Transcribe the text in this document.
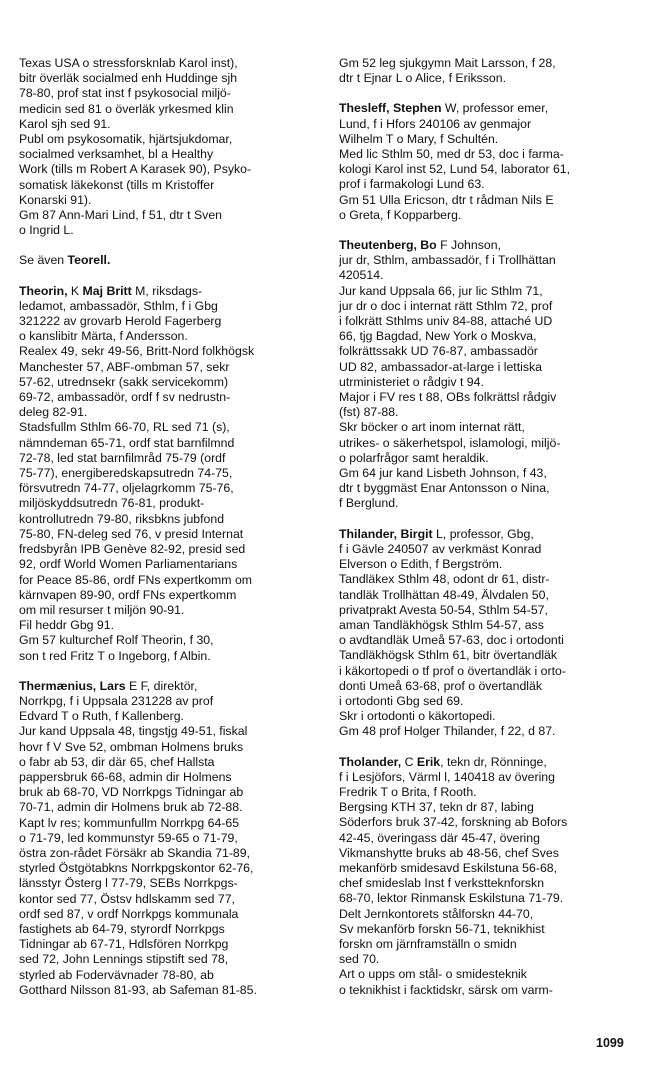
Texas USA o stressforsknlab Karol inst),
bitr överläk socialmed enh Huddinge sjh
78-80, prof stat inst f psykosocial miljö-
medicin sed 81 o överläk yrkesmed klin
Karol sjh sed 91.
Publ om psykosomatik, hjärtsjukdomar,
socialmed verksamhet, bl a Healthy
Work (tills m Robert A Karasek 90), Psyko-
somatisk läkekonst (tills m Kristoffer
Konarski 91).
Gm 87 Ann-Mari Lind, f 51, dtr t Sven
o Ingrid L.
Se även Teorell.
Theorin, K Maj Britt M, riksdags-
ledamot, ambassadör, Sthlm, f i Gbg
321222 av grovarb Herold Fagerberg
o kanslibitr Märta, f Andersson.
Realex 49, sekr 49-56, Britt-Nord folkhögsk
Manchester 57, ABF-ombman 57, sekr
57-62, utrednsekr (sakk servicekomm)
69-72, ambassadör, ordf f sv nedrustn-
deleg 82-91.
Stadsfullm Sthlm 66-70, RL sed 71 (s),
nämndeman 65-71, ordf stat barnfilmnd
72-78, led stat barnfilmråd 75-79 (ordf
75-77), energiberedskapsutredn 74-75,
försvutredn 74-77, oljelagrkomm 75-76,
miljöskyddsutredn 76-81, produkt-
kontrollutredn 79-80, riksbkns jubfond
75-80, FN-deleg sed 76, v presid Internat
fredsbyrån IPB Genève 82-92, presid sed
92, ordf World Women Parliamentarians
for Peace 85-86, ordf FNs expertkomm om
kärnvapen 89-90, ordf FNs expertkomm
om mil resurser t miljön 90-91.
Fil heddr Gbg 91.
Gm 57 kulturchef Rolf Theorin, f 30,
son t red Fritz T o Ingeborg, f Albin.
Thermænius, Lars E F, direktör,
Norrkpg, f i Uppsala 231228 av prof
Edvard T o Ruth, f Kallenberg.
Jur kand Uppsala 48, tingstjg 49-51, fiskal
hovr f V Sve 52, ombman Holmens bruks
o fabr ab 53, dir där 65, chef Hallsta
pappersbruk 66-68, admin dir Holmens
bruk ab 68-70, VD Norrkpgs Tidningar ab
70-71, admin dir Holmens bruk ab 72-88.
Kapt lv res; kommunfullm Norrkpg 64-65
o 71-79, led kommunstyr 59-65 o 71-79,
östra zon-rådet Försäkr ab Skandia 71-89,
styrled Östgötabkns Norrkpgskontor 62-76,
länsstyr Österg l 77-79, SEBs Norrkpgs-
kontor sed 77, Östsv hdlskamm sed 77,
ordf sed 87, v ordf Norrkpgs kommunala
fastighets ab 64-79, styrordf Norrkpgs
Tidningar ab 67-71, Hdlsfören Norrkpg
sed 72, John Lennings stipstift sed 78,
styrled ab Fodervävnader 78-80, ab
Gotthard Nilsson 81-93, ab Safeman 81-85.
Gm 52 leg sjukgymn Mait Larsson, f 28,
dtr t Ejnar L o Alice, f Eriksson.
Thesleff, Stephen W, professor emer,
Lund, f i Hfors 240106 av genmajor
Wilhelm T o Mary, f Schultén.
Med lic Sthlm 50, med dr 53, doc i farma-
kologi Karol inst 52, Lund 54, laborator 61,
prof i farmakologi Lund 63.
Gm 51 Ulla Ericson, dtr t rådman Nils E
o Greta, f Kopparberg.
Theutenberg, Bo F Johnson,
jur dr, Sthlm, ambassadör, f i Trollhättan
420514.
Jur kand Uppsala 66, jur lic Sthlm 71,
jur dr o doc i internat rätt Sthlm 72, prof
i folkrätt Sthlms univ 84-88, attaché UD
66, tjg Bagdad, New York o Moskva,
folkrättssakk UD 76-87, ambassadör
UD 82, ambassador-at-large i lettiska
utrministeriet o rådgiv t 94.
Major i FV res t 88, OBs folkrättsl rådgiv
(fst) 87-88.
Skr böcker o art inom internat rätt,
utrikes- o säkerhetspol, islamologi, miljö-
o polarfrågor samt heraldik.
Gm 64 jur kand Lisbeth Johnson, f 43,
dtr t byggmäst Enar Antonsson o Nina,
f Berglund.
Thilander, Birgit L, professor, Gbg,
f i Gävle 240507 av verkmäst Konrad
Elverson o Edith, f Bergström.
Tandläkex Sthlm 48, odont dr 61, distr-
tandläk Trollhättan 48-49, Älvdalen 50,
privatprakt Avesta 50-54, Sthlm 54-57,
aman Tandläkhögsk Sthlm 54-57, ass
o avdtandläk Umeå 57-63, doc i ortodonti
Tandläkhögsk Sthlm 61, bitr övertandläk
i käkortopedi o tf prof o övertandläk i orto-
donti Umeå 63-68, prof o övertandläk
i ortodonti Gbg sed 69.
Skr i ortodonti o käkortopedi.
Gm 48 prof Holger Thilander, f 22, d 87.
Tholander, C Erik, tekn dr, Rönninge,
f i Lesjöfors, Värml l, 140418 av övering
Fredrik T o Brita, f Rooth.
Bergsing KTH 37, tekn dr 87, labing
Söderfors bruk 37-42, forskning ab Bofors
42-45, överingass där 45-47, övering
Vikmanshytte bruks ab 48-56, chef Sves
mekanförb smidesavd Eskilstuna 56-68,
chef smideslab Inst f verkstteknforskn
68-70, lektor Rinmansk Eskilstuna 71-79.
Delt Jernkontorets stålforskn 44-70,
Sv mekanförb forskn 56-71, teknikhist
forskn om järnframställn o smidn
sed 70.
Art o upps om stål- o smidesteknik
o teknikhist i facktidskr, särsk om varm-
1099
